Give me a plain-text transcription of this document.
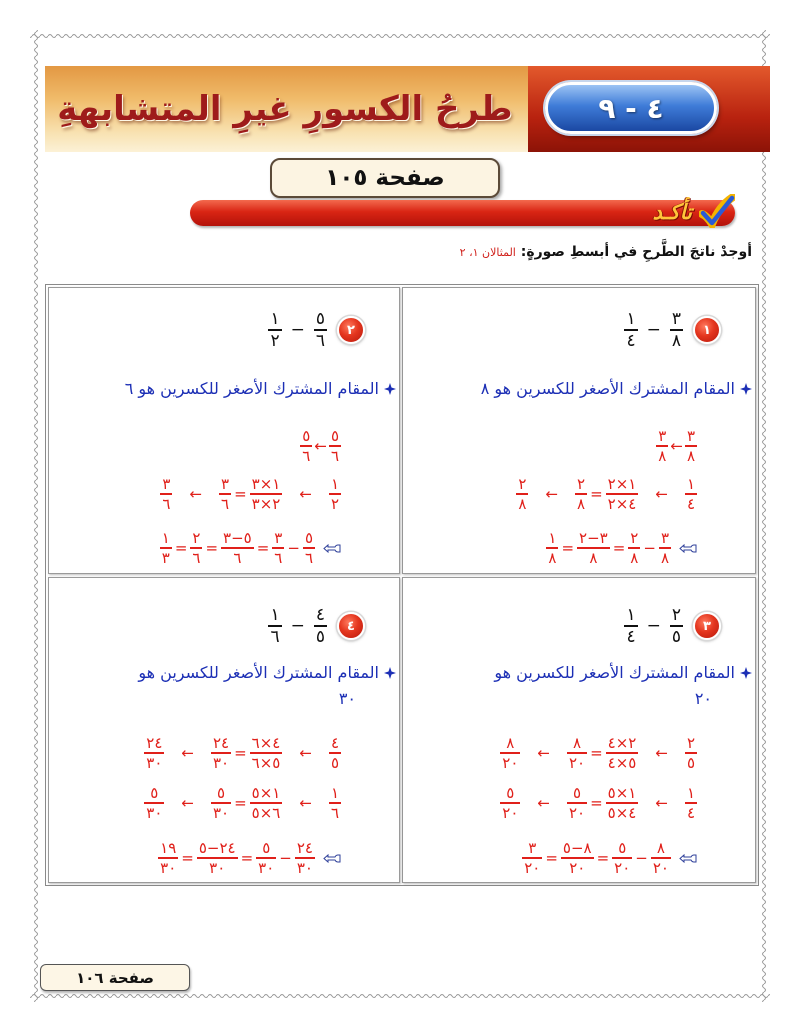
طرحُ الكسورِ غيرِ المتشابهةِ	٩ - ٤
صفحة ١٠٥
تأكـد
أوجدْ ناتجَ الطَّرحِ في أبسطِ صورةٍ: المثالان ١، ٢
$\frac{١}{٤} - \frac{٣}{٨}$	١
المقام المشترك الأصغر للكسرين هو ٨
$\frac{٣}{٨}$ ← $\frac{٣}{٨}$
$\frac{٢}{٨}$ ← $\frac{٢}{٨} = \frac{٢\times ١}{٢\times ٤}$ ← $\frac{١}{٤}$
$\frac{١}{٨} = \frac{٢-٣}{٨} = \frac{٢}{٨} - \frac{٣}{٨}$
$\frac{١}{٢} - \frac{٥}{٦}$	٢
المقام المشترك الأصغر للكسرين هو ٦
$\frac{٥}{٦}$ ← $\frac{٥}{٦}$
$\frac{٣}{٦}$ ← $\frac{٣}{٦} = \frac{٣\times ١}{٣\times ٢}$ ← $\frac{١}{٢}$
$\frac{١}{٣} = \frac{٢}{٦} = \frac{٣-٥}{٦} = \frac{٣}{٦} - \frac{٥}{٦}$
$\frac{١}{٤} - \frac{٢}{٥}$	٣
المقام المشترك الأصغر للكسرين هو
٢٠
$\frac{٨}{٢٠}$ ← $\frac{٨}{٢٠} = \frac{٤\times ٢}{٤\times ٥}$ ← $\frac{٢}{٥}$
$\frac{٥}{٢٠}$ ← $\frac{٥}{٢٠} = \frac{٥\times ١}{٥\times ٤}$ ← $\frac{١}{٤}$
$\frac{٣}{٢٠} = \frac{٥-٨}{٢٠} = \frac{٥}{٢٠} - \frac{٨}{٢٠}$
$\frac{١}{٦} - \frac{٤}{٥}$	٤
المقام المشترك الأصغر للكسرين هو
٣٠
$\frac{٢٤}{٣٠}$ ← $\frac{٢٤}{٣٠} = \frac{٦\times ٤}{٦\times ٥}$ ← $\frac{٤}{٥}$
$\frac{٥}{٣٠}$ ← $\frac{٥}{٣٠} = \frac{٥\times ١}{٥\times ٦}$ ← $\frac{١}{٦}$
$\frac{١٩}{٣٠} = \frac{٥-٢٤}{٣٠} = \frac{٥}{٣٠} - \frac{٢٤}{٣٠}$
صفحة ١٠٦
